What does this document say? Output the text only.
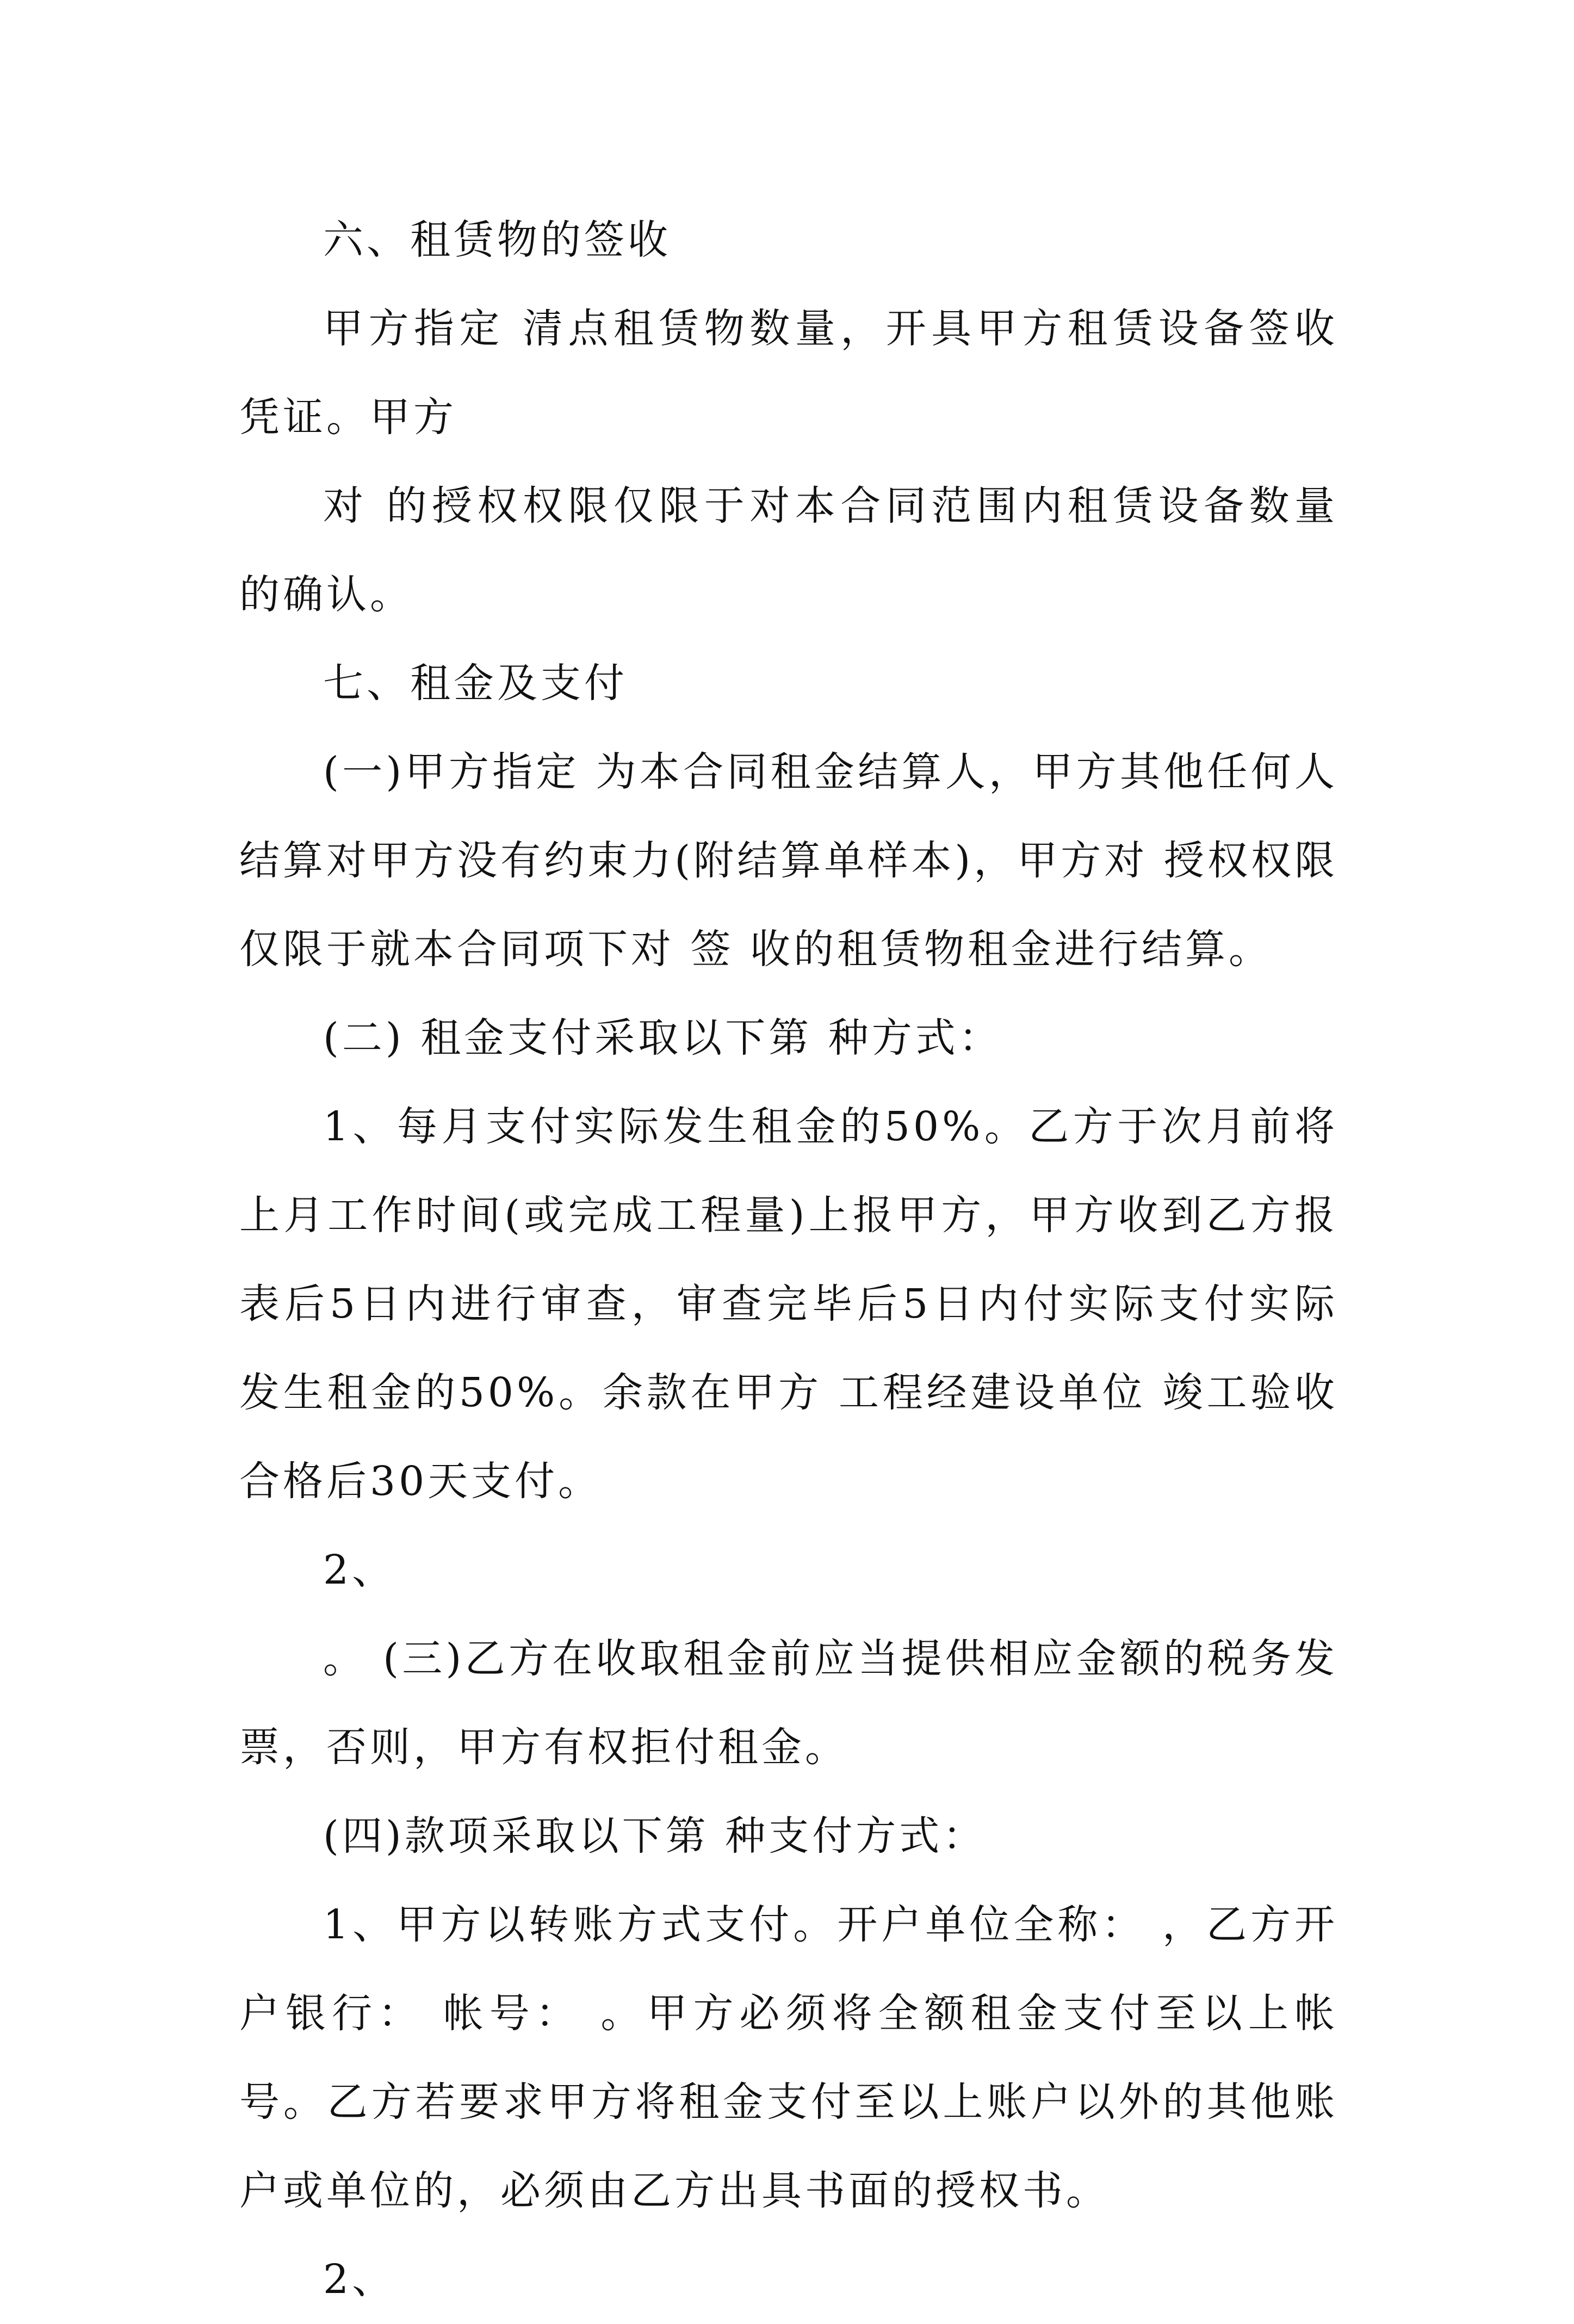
六、租赁物的签收

甲方指定 清点租赁物数量，开具甲方租赁设备签收凭证。甲方

对 的授权权限仅限于对本合同范围内租赁设备数量的确认。

七、租金及支付

(一)甲方指定 为本合同租金结算人，甲方其他任何人结算对甲方没有约束力(附结算单样本)，甲方对 授权权限仅限于就本合同项下对 签 收的租赁物租金进行结算。

(二) 租金支付采取以下第 种方式：

1、每月支付实际发生租金的50%。乙方于次月前将上月工作时间(或完成工程量)上报甲方，甲方收到乙方报表后5日内进行审查，审查完毕后5日内付实际支付实际发生租金的50%。余款在甲方 工程经建设单位 竣工验收合格后30天支付。

2、

。 (三)乙方在收取租金前应当提供相应金额的税务发票，否则，甲方有权拒付租金。

(四)款项采取以下第 种支付方式：

1、甲方以转账方式支付。开户单位全称： ，乙方开户银行： 帐号： 。甲方必须将全额租金支付至以上帐号。乙方若要求甲方将租金支付至以上账户以外的其他账户或单位的，必须由乙方出具书面的授权书。

2、
